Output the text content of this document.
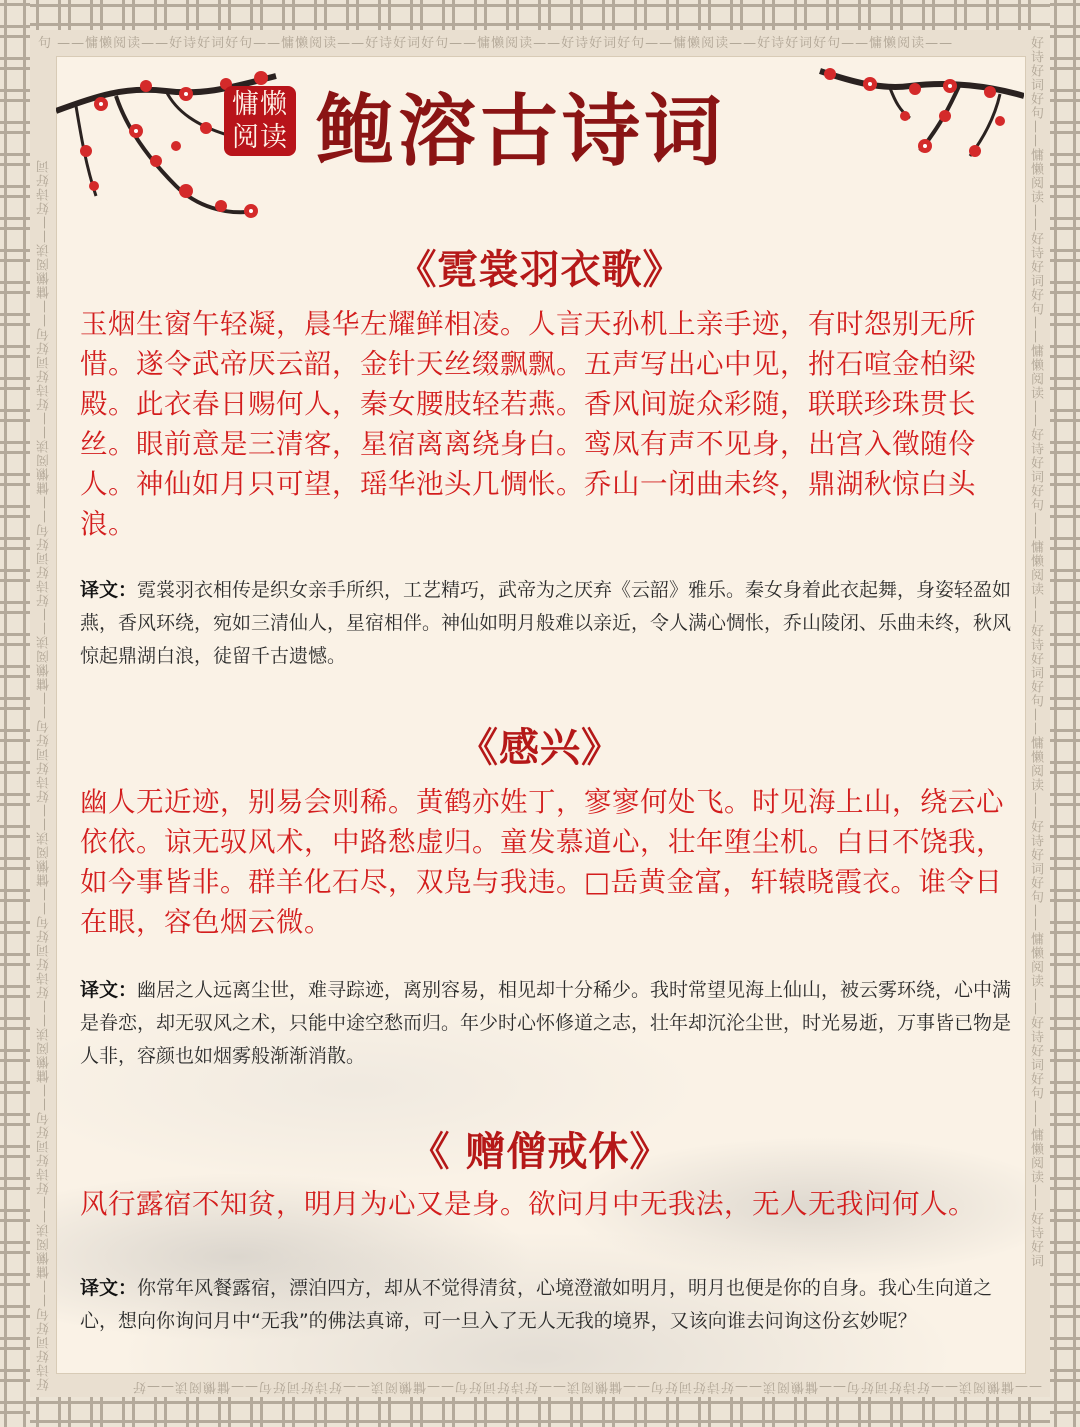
句 ——慵懒阅读——好诗好词好句——慵懒阅读——好诗好词好句——慵懒阅读——好诗好词好句——慵懒阅读——好诗好词好句——慵懒阅读——
——慵懒阅读——好诗好词好句——慵懒阅读——好诗好词好句——慵懒阅读——好诗好词好句——慵懒阅读——好诗好词好句——慵懒阅读——好
好诗好词好句——慵懒阅读——好诗好词好句——慵懒阅读——好诗好词好句——慵懒阅读——好诗好词好句——慵懒阅读——好诗好词好句——慵懒阅读——好诗好词好句——慵懒阅读——好诗好词	好诗好词好句——慵懒阅读——好诗好词好句——慵懒阅读——好诗好词好句——慵懒阅读——好诗好词好句——慵懒阅读——好诗好词好句——慵懒阅读——好诗好词好句——慵懒阅读——好诗好词
慵懒
阅读 鲍溶古诗词
《霓裳羽衣歌》

玉烟生窗午轻凝，晨华左耀鲜相凌。人言天孙机上亲手迹，有时怨别无所惜。遂令武帝厌云韶，金针天丝缀飘飘。五声写出心中见，拊石喧金柏梁殿。此衣春日赐何人，秦女腰肢轻若燕。香风间旋众彩随，联联珍珠贯长丝。眼前意是三清客，星宿离离绕身白。鸾凤有声不见身，出宫入徵随伶人。神仙如月只可望，瑶华池头几惆怅。乔山一闭曲未终，鼎湖秋惊白头浪。

译文：霓裳羽衣相传是织女亲手所织，工艺精巧，武帝为之厌弃《云韶》雅乐。秦女身着此衣起舞，身姿轻盈如燕，香风环绕，宛如三清仙人，星宿相伴。神仙如明月般难以亲近，令人满心惆怅，乔山陵闭、乐曲未终，秋风惊起鼎湖白浪，徒留千古遗憾。

《感兴》

幽人无近迹，别易会则稀。黄鹤亦姓丁，寥寥何处飞。时见海上山，绕云心依依。谅无驭风术，中路愁虚归。童发慕道心，壮年堕尘机。白日不饶我，如今事皆非。群羊化石尽，双凫与我违。□岳黄金富，轩辕晓霞衣。谁令日在眼，容色烟云微。

译文：幽居之人远离尘世，难寻踪迹，离别容易，相见却十分稀少。我时常望见海上仙山，被云雾环绕，心中满是眷恋，却无驭风之术，只能中途空愁而归。年少时心怀修道之志，壮年却沉沦尘世，时光易逝，万事皆已物是人非，容颜也如烟雾般渐渐消散。

《 赠僧戒休》

风行露宿不知贫，明月为心又是身。欲问月中无我法，无人无我问何人。

译文：你常年风餐露宿，漂泊四方，却从不觉得清贫，心境澄澈如明月，明月也便是你的自身。我心生向道之心，想向你询问月中“无我”的佛法真谛，可一旦入了无人无我的境界，又该向谁去问询这份玄妙呢？
